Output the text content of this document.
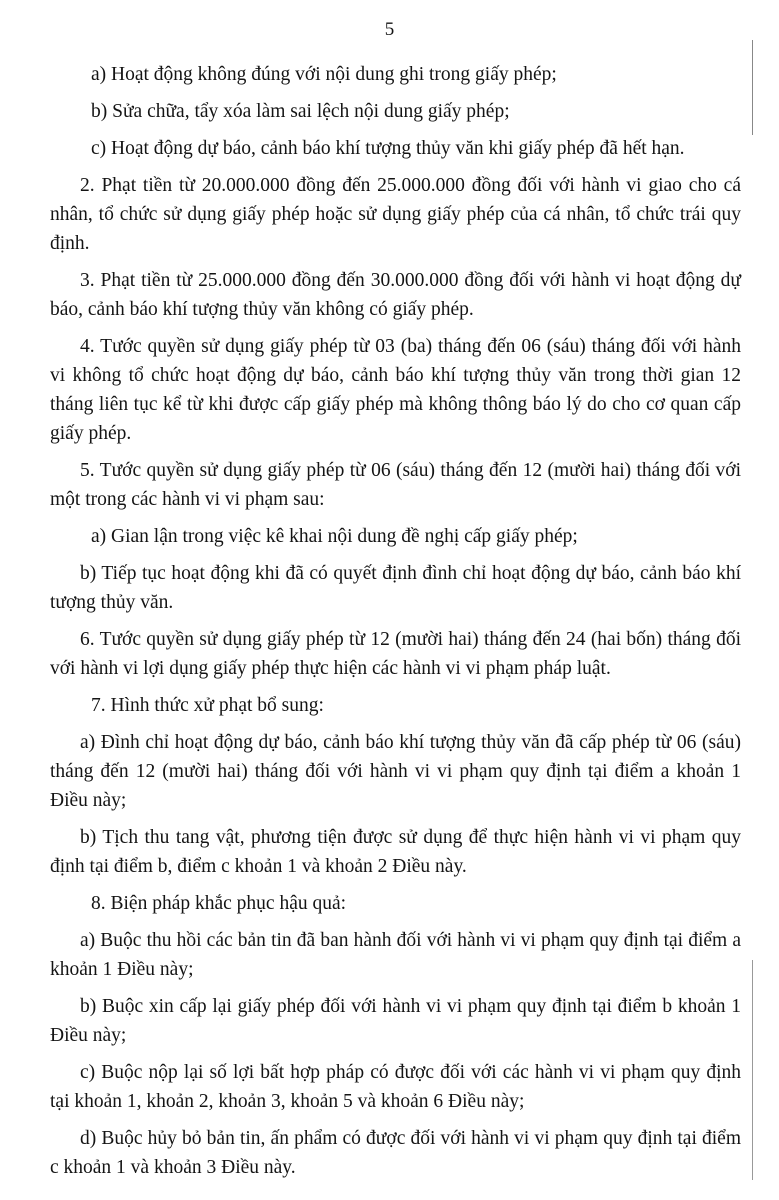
5

a) Hoạt động không đúng với nội dung ghi trong giấy phép;

b) Sửa chữa, tẩy xóa làm sai lệch nội dung giấy phép;

c) Hoạt động dự báo, cảnh báo khí tượng thủy văn khi giấy phép đã hết hạn.

2. Phạt tiền từ 20.000.000 đồng đến 25.000.000 đồng đối với hành vi giao cho cá nhân, tổ chức sử dụng giấy phép hoặc sử dụng giấy phép của cá nhân, tổ chức trái quy định.

3. Phạt tiền từ 25.000.000 đồng đến 30.000.000 đồng đối với hành vi hoạt động dự báo, cảnh báo khí tượng thủy văn không có giấy phép.

4. Tước quyền sử dụng giấy phép từ 03 (ba) tháng đến 06 (sáu) tháng đối với hành vi không tổ chức hoạt động dự báo, cảnh báo khí tượng thủy văn trong thời gian 12 tháng liên tục kể từ khi được cấp giấy phép mà không thông báo lý do cho cơ quan cấp giấy phép.

5. Tước quyền sử dụng giấy phép từ 06 (sáu) tháng đến 12 (mười hai) tháng đối với một trong các hành vi vi phạm sau:

a) Gian lận trong việc kê khai nội dung đề nghị cấp giấy phép;

b) Tiếp tục hoạt động khi đã có quyết định đình chỉ hoạt động dự báo, cảnh báo khí tượng thủy văn.

6. Tước quyền sử dụng giấy phép từ 12 (mười hai) tháng đến 24 (hai bốn) tháng đối với hành vi lợi dụng giấy phép thực hiện các hành vi vi phạm pháp luật.

7. Hình thức xử phạt bổ sung:

a) Đình chỉ hoạt động dự báo, cảnh báo khí tượng thủy văn đã cấp phép từ 06 (sáu) tháng đến 12 (mười hai) tháng đối với hành vi vi phạm quy định tại điểm a khoản 1 Điều này;

b) Tịch thu tang vật, phương tiện được sử dụng để thực hiện hành vi vi phạm quy định tại điểm b, điểm c khoản 1 và khoản 2 Điều này.

8. Biện pháp khắc phục hậu quả:

a) Buộc thu hồi các bản tin đã ban hành đối với hành vi vi phạm quy định tại điểm a khoản 1 Điều này;

b) Buộc xin cấp lại giấy phép đối với hành vi vi phạm quy định tại điểm b khoản 1 Điều này;

c) Buộc nộp lại số lợi bất hợp pháp có được đối với các hành vi vi phạm quy định tại khoản 1, khoản 2, khoản 3, khoản 5 và khoản 6 Điều này;

d) Buộc hủy bỏ bản tin, ấn phẩm có được đối với hành vi vi phạm quy định tại điểm c khoản 1 và khoản 3 Điều này.
